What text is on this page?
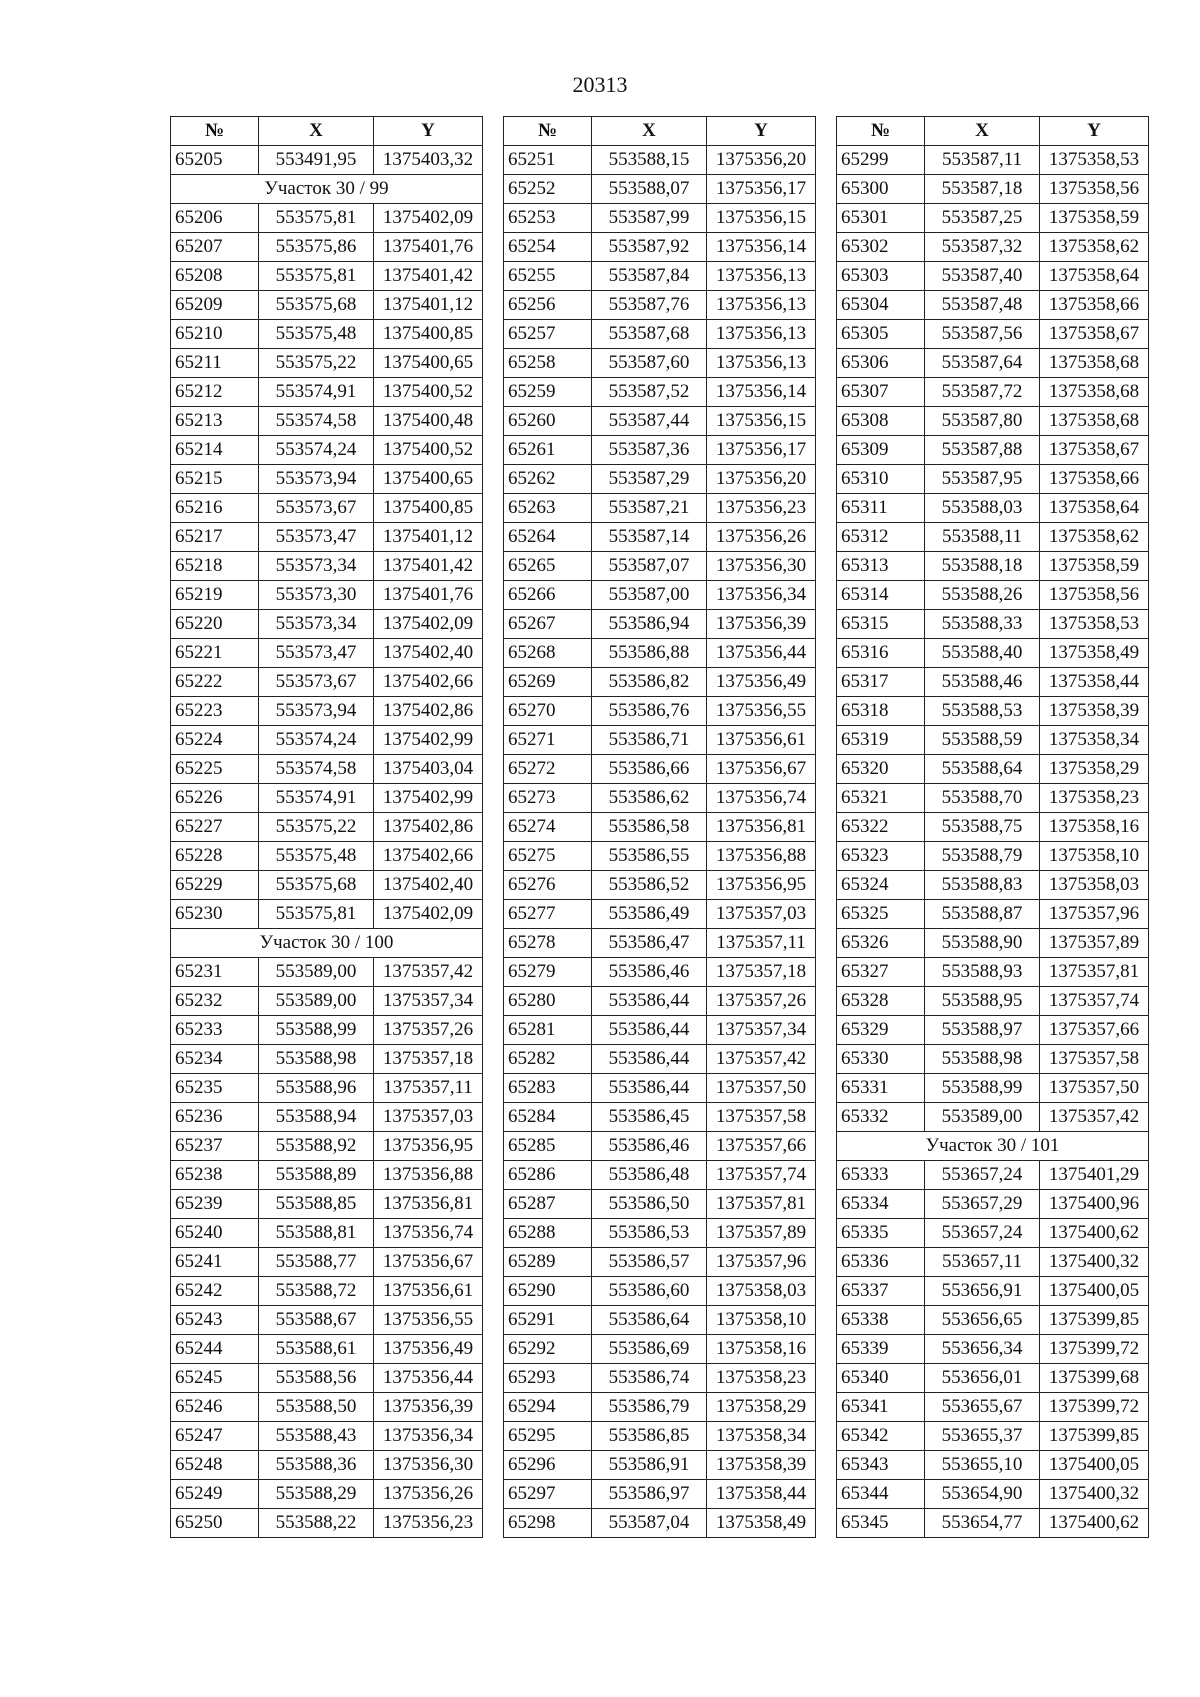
20313
№	X	Y
65205	553491,95	1375403,32
Участок 30 / 99		
65206	553575,81	1375402,09
65207	553575,86	1375401,76
65208	553575,81	1375401,42
65209	553575,68	1375401,12
65210	553575,48	1375400,85
65211	553575,22	1375400,65
65212	553574,91	1375400,52
65213	553574,58	1375400,48
65214	553574,24	1375400,52
65215	553573,94	1375400,65
65216	553573,67	1375400,85
65217	553573,47	1375401,12
65218	553573,34	1375401,42
65219	553573,30	1375401,76
65220	553573,34	1375402,09
65221	553573,47	1375402,40
65222	553573,67	1375402,66
65223	553573,94	1375402,86
65224	553574,24	1375402,99
65225	553574,58	1375403,04
65226	553574,91	1375402,99
65227	553575,22	1375402,86
65228	553575,48	1375402,66
65229	553575,68	1375402,40
65230	553575,81	1375402,09
Участок 30 / 100		
65231	553589,00	1375357,42
65232	553589,00	1375357,34
65233	553588,99	1375357,26
65234	553588,98	1375357,18
65235	553588,96	1375357,11
65236	553588,94	1375357,03
65237	553588,92	1375356,95
65238	553588,89	1375356,88
65239	553588,85	1375356,81
65240	553588,81	1375356,74
65241	553588,77	1375356,67
65242	553588,72	1375356,61
65243	553588,67	1375356,55
65244	553588,61	1375356,49
65245	553588,56	1375356,44
65246	553588,50	1375356,39
65247	553588,43	1375356,34
65248	553588,36	1375356,30
65249	553588,29	1375356,26
65250	553588,22	1375356,23
№	X	Y
65251	553588,15	1375356,20
65252	553588,07	1375356,17
65253	553587,99	1375356,15
65254	553587,92	1375356,14
65255	553587,84	1375356,13
65256	553587,76	1375356,13
65257	553587,68	1375356,13
65258	553587,60	1375356,13
65259	553587,52	1375356,14
65260	553587,44	1375356,15
65261	553587,36	1375356,17
65262	553587,29	1375356,20
65263	553587,21	1375356,23
65264	553587,14	1375356,26
65265	553587,07	1375356,30
65266	553587,00	1375356,34
65267	553586,94	1375356,39
65268	553586,88	1375356,44
65269	553586,82	1375356,49
65270	553586,76	1375356,55
65271	553586,71	1375356,61
65272	553586,66	1375356,67
65273	553586,62	1375356,74
65274	553586,58	1375356,81
65275	553586,55	1375356,88
65276	553586,52	1375356,95
65277	553586,49	1375357,03
65278	553586,47	1375357,11
65279	553586,46	1375357,18
65280	553586,44	1375357,26
65281	553586,44	1375357,34
65282	553586,44	1375357,42
65283	553586,44	1375357,50
65284	553586,45	1375357,58
65285	553586,46	1375357,66
65286	553586,48	1375357,74
65287	553586,50	1375357,81
65288	553586,53	1375357,89
65289	553586,57	1375357,96
65290	553586,60	1375358,03
65291	553586,64	1375358,10
65292	553586,69	1375358,16
65293	553586,74	1375358,23
65294	553586,79	1375358,29
65295	553586,85	1375358,34
65296	553586,91	1375358,39
65297	553586,97	1375358,44
65298	553587,04	1375358,49
№	X	Y
65299	553587,11	1375358,53
65300	553587,18	1375358,56
65301	553587,25	1375358,59
65302	553587,32	1375358,62
65303	553587,40	1375358,64
65304	553587,48	1375358,66
65305	553587,56	1375358,67
65306	553587,64	1375358,68
65307	553587,72	1375358,68
65308	553587,80	1375358,68
65309	553587,88	1375358,67
65310	553587,95	1375358,66
65311	553588,03	1375358,64
65312	553588,11	1375358,62
65313	553588,18	1375358,59
65314	553588,26	1375358,56
65315	553588,33	1375358,53
65316	553588,40	1375358,49
65317	553588,46	1375358,44
65318	553588,53	1375358,39
65319	553588,59	1375358,34
65320	553588,64	1375358,29
65321	553588,70	1375358,23
65322	553588,75	1375358,16
65323	553588,79	1375358,10
65324	553588,83	1375358,03
65325	553588,87	1375357,96
65326	553588,90	1375357,89
65327	553588,93	1375357,81
65328	553588,95	1375357,74
65329	553588,97	1375357,66
65330	553588,98	1375357,58
65331	553588,99	1375357,50
65332	553589,00	1375357,42
Участок 30 / 101		
65333	553657,24	1375401,29
65334	553657,29	1375400,96
65335	553657,24	1375400,62
65336	553657,11	1375400,32
65337	553656,91	1375400,05
65338	553656,65	1375399,85
65339	553656,34	1375399,72
65340	553656,01	1375399,68
65341	553655,67	1375399,72
65342	553655,37	1375399,85
65343	553655,10	1375400,05
65344	553654,90	1375400,32
65345	553654,77	1375400,62
